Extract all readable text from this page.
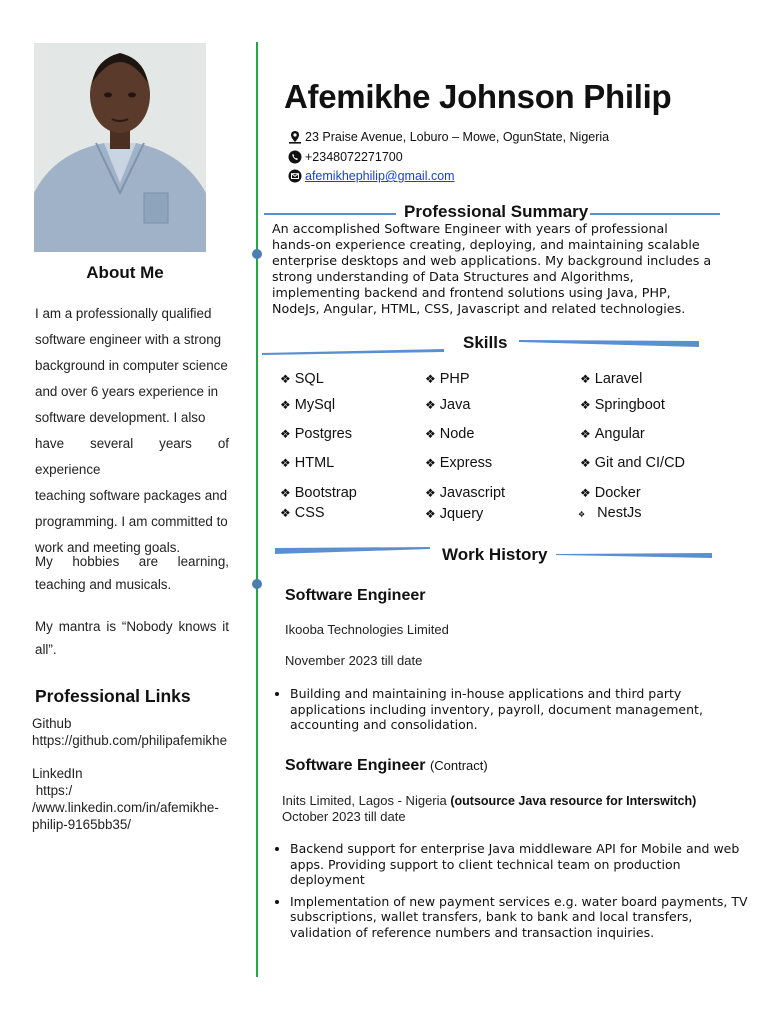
About Me
I am a professionally qualified
software engineer with a strong
background in computer science
and over 6 years experience in
software development. I also
have several years of experience
teaching software packages and
programming. I am committed to
work and meeting goals.
My hobbies are learning,
teaching and musicals.
My mantra is “Nobody knows it
all”.
Professional Links
Github
https://github.com/philipafemikhe
LinkedIn
https:/
/www.linkedin.com/in/afemikhe-
philip-9165bb35/
Afemikhe Johnson Philip
23 Praise Avenue, Loburo – Mowe, OgunState, Nigeria
+2348072271700
afemikhephilip@gmail.com
Professional Summary
An accomplished Software Engineer with years of professional
hands-on experience creating, deploying, and maintaining scalable
enterprise desktops and web applications. My background includes a
strong understanding of Data Structures and Algorithms,
implementing backend and frontend solutions using Java, PHP,
NodeJs, Angular, HTML, CSS, Javascript and related technologies.
Skills
❖ SQL
❖ MySql
❖ Postgres
❖ HTML
❖ Bootstrap
❖ CSS
❖ PHP
❖ Java
❖ Node
❖ Express
❖ Javascript
❖ Jquery
❖ Laravel
❖ Springboot
❖ Angular
❖ Git and CI/CD
❖ Docker
❖ NestJs
Work History
Software Engineer
Ikooba Technologies Limited
November 2023 till date
• Building and maintaining in-house applications and third party applications including inventory, payroll, document management, accounting and consolidation.
Software Engineer (Contract)
Inits Limited, Lagos - Nigeria (outsource Java resource for Interswitch)
October 2023 till date
• Backend support for enterprise Java middleware API for Mobile and web apps. Providing support to client technical team on production deployment
• Implementation of new payment services e.g. water board payments, TV subscriptions, wallet transfers, bank to bank and local transfers, validation of reference numbers and transaction inquiries.
